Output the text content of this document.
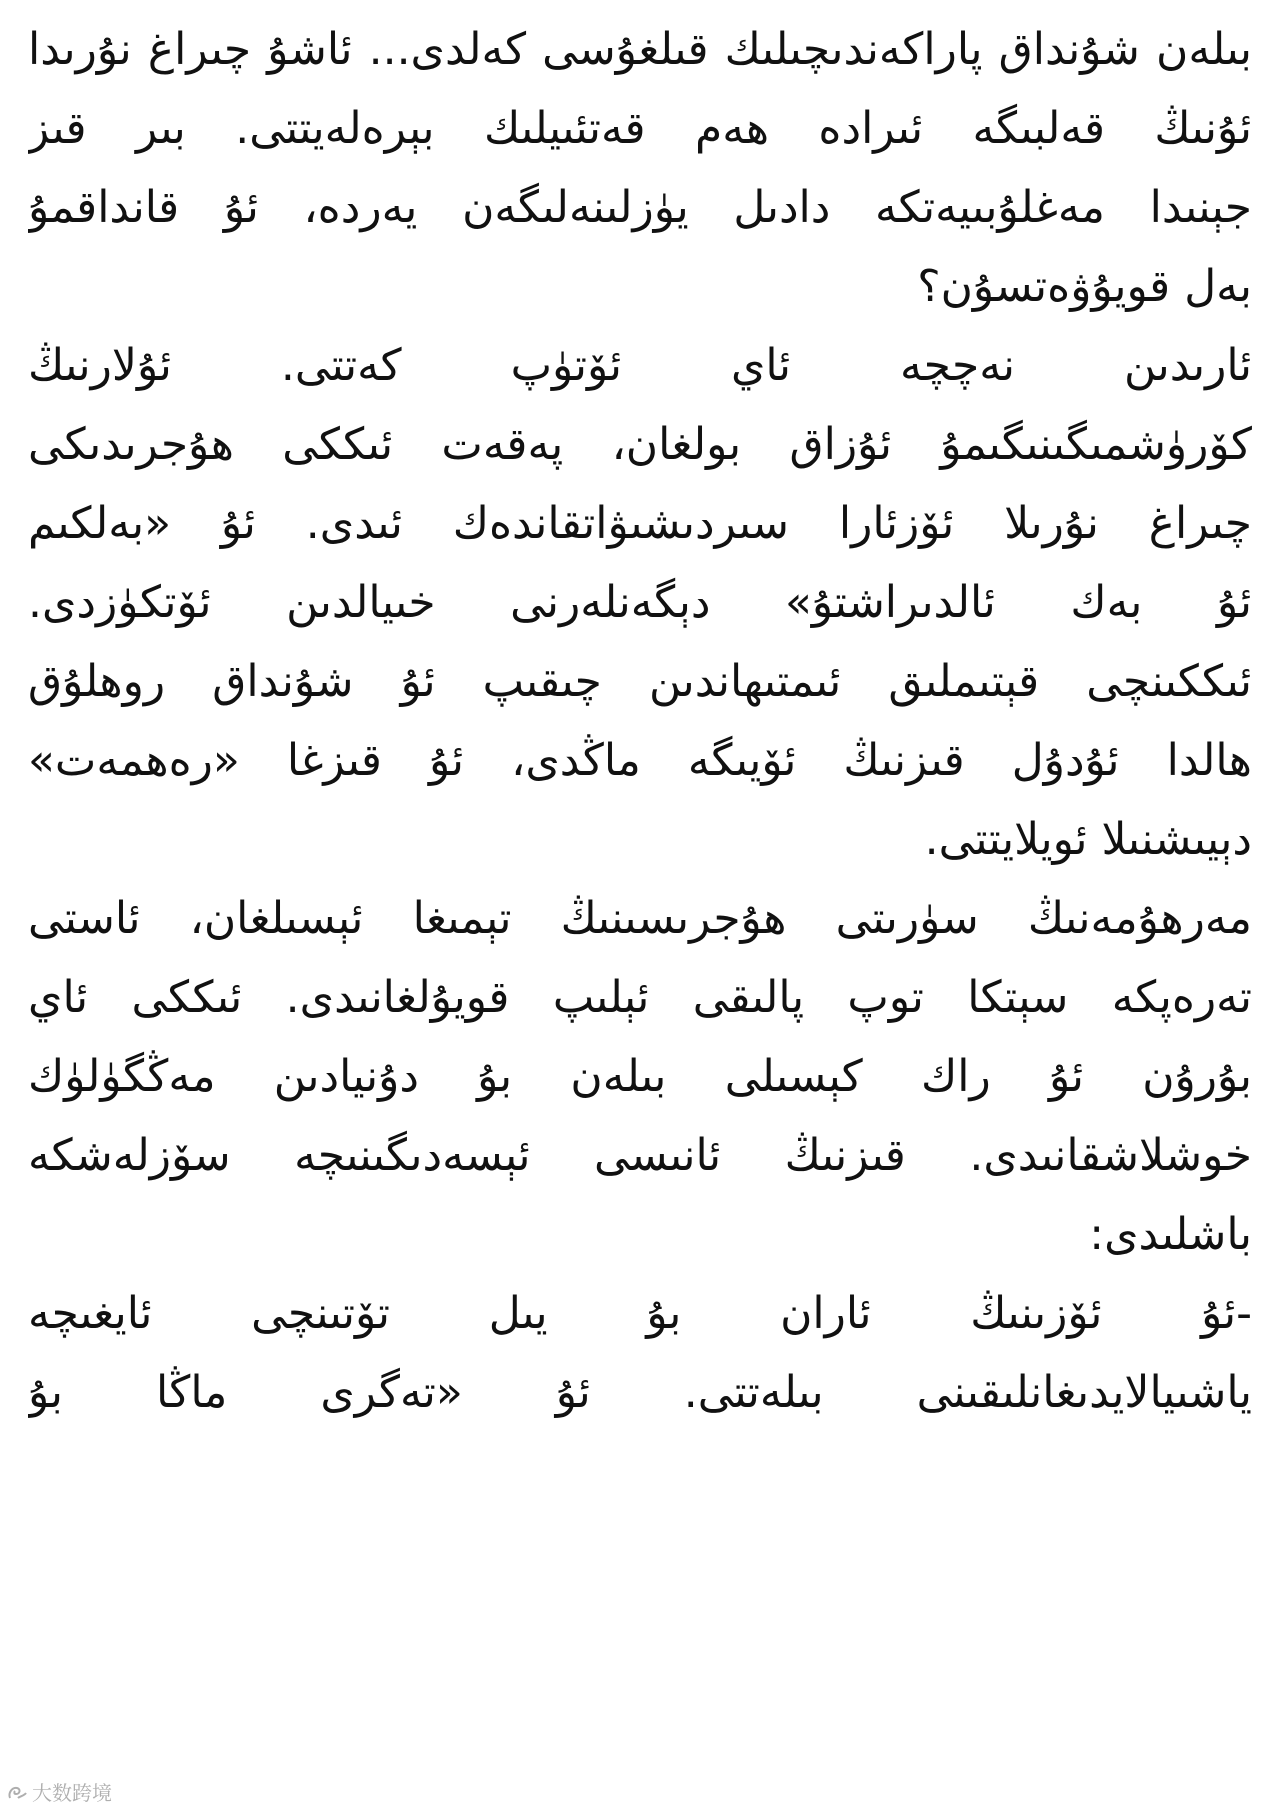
بىلەن شۇنداق پاراكەندىچىلىك قىلغۇسى كەلدى... ئاشۇ چىراغ نۇرىدا
ئۇنىڭ قەلبىگە ئىرادە ھەم قەتئىيلىك بېرەلەيتتى. بىر قىز
جېنىدا مەغلۇبىيەتكە دادىل يۈزلىنەلىگەن يەردە، ئۇ قانداقمۇ
بەل قويۇۋەتسۇن؟
ئارىدىن نەچچە ئاي ئۆتۈپ كەتتى. ئۇلارنىڭ
كۆرۈشمىگىنىگىمۇ ئۇزاق بولغان، پەقەت ئىككى ھۇجرىدىكى
چىراغ نۇرىلا ئۆزئارا سىردىشىۋاتقاندەك ئىدى. ئۇ «بەلكىم
ئۇ بەك ئالدىراشتۇ» دېگەنلەرنى خىيالدىن ئۆتكۈزدى.
ئىككىنچى قېتىملىق ئىمتىھاندىن چىقىپ ئۇ شۇنداق روھلۇق
ھالدا ئۇدۇل قىزنىڭ ئۆيىگە ماڭدى، ئۇ قىزغا «رەھمەت»
دېيىشنىلا ئويلايتتى.
مەرھۇمەنىڭ سۈرىتى ھۇجرىسىنىڭ تېمىغا ئېسىلغان، ئاستى
تەرەپكە سېتكا توپ پالىقى ئېلىپ قويۇلغانىدى. ئىككى ئاي
بۇرۇن ئۇ راك كېسىلى بىلەن بۇ دۇنيادىن مەڭگۈلۈك
خوشلاشقانىدى. قىزنىڭ ئانىسى ئېسەدىگىنىچە سۆزلەشكە
باشلىدى:
-ئۇ ئۆزىنىڭ ئاران بۇ يىل تۆتىنچى ئايغىچە
ياشىيالايدىغانلىقىنى بىلەتتى. ئۇ «تەگرى ماڭا بۇ
大数跨境
